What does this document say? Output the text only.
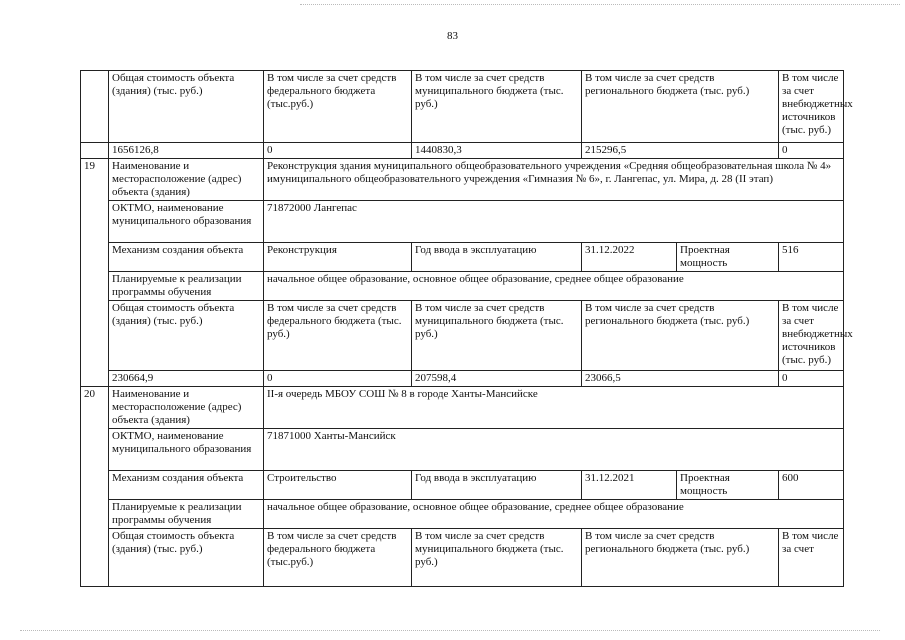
83
	Общая стоимость объекта (здания) (тыс. руб.)	В том числе за счет средств федерального бюджета (тыс.руб.)	В том числе за счет средств муниципального бюджета (тыс. руб.)	В том числе за счет средств регионального бюджета (тыс. руб.)		В том числе за счет внебюджетных источников (тыс. руб.)
	1656126,8	0	1440830,3	215296,5		0
19	Наименование и месторасположение (адрес) объекта (здания)	Реконструкция здания муниципального общеобразовательного учреждения «Средняя общеобразовательная школа № 4» имуниципального общеобразовательного учреждения «Гимназия № 6», г. Лангепас, ул. Мира, д. 28 (II этап)				
	ОКТМО, наименование муниципального образования	71872000 Лангепас				
	Механизм создания объекта	Реконструкция	Год ввода в эксплуатацию	31.12.2022	Проектная мощность	516
	Планируемые к реализации программы обучения	начальное общее образование, основное общее образование, среднее общее образование				
	Общая стоимость объекта (здания) (тыс. руб.)	В том числе за счет средств федерального бюджета (тыс. руб.)	В том числе за счет средств муниципального бюджета (тыс. руб.)	В том числе за счет средств регионального бюджета (тыс. руб.)		В том числе за счет внебюджетных источников (тыс. руб.)
	230664,9	0	207598,4	23066,5		0
20	Наименование и месторасположение (адрес) объекта (здания)	II-я очередь МБОУ СОШ № 8 в городе Ханты-Мансийске				
	ОКТМО, наименование муниципального образования	71871000 Ханты-Мансийск				
	Механизм создания объекта	Строительство	Год ввода в эксплуатацию	31.12.2021	Проектная мощность	600
	Планируемые к реализации программы обучения	начальное общее образование, основное общее образование, среднее общее образование				
	Общая стоимость объекта (здания) (тыс. руб.)	В том числе за счет средств федерального бюджета (тыс.руб.)	В том числе за счет средств муниципального бюджета (тыс. руб.)	В том числе за счет средств регионального бюджета (тыс. руб.)		В том числе за счет
